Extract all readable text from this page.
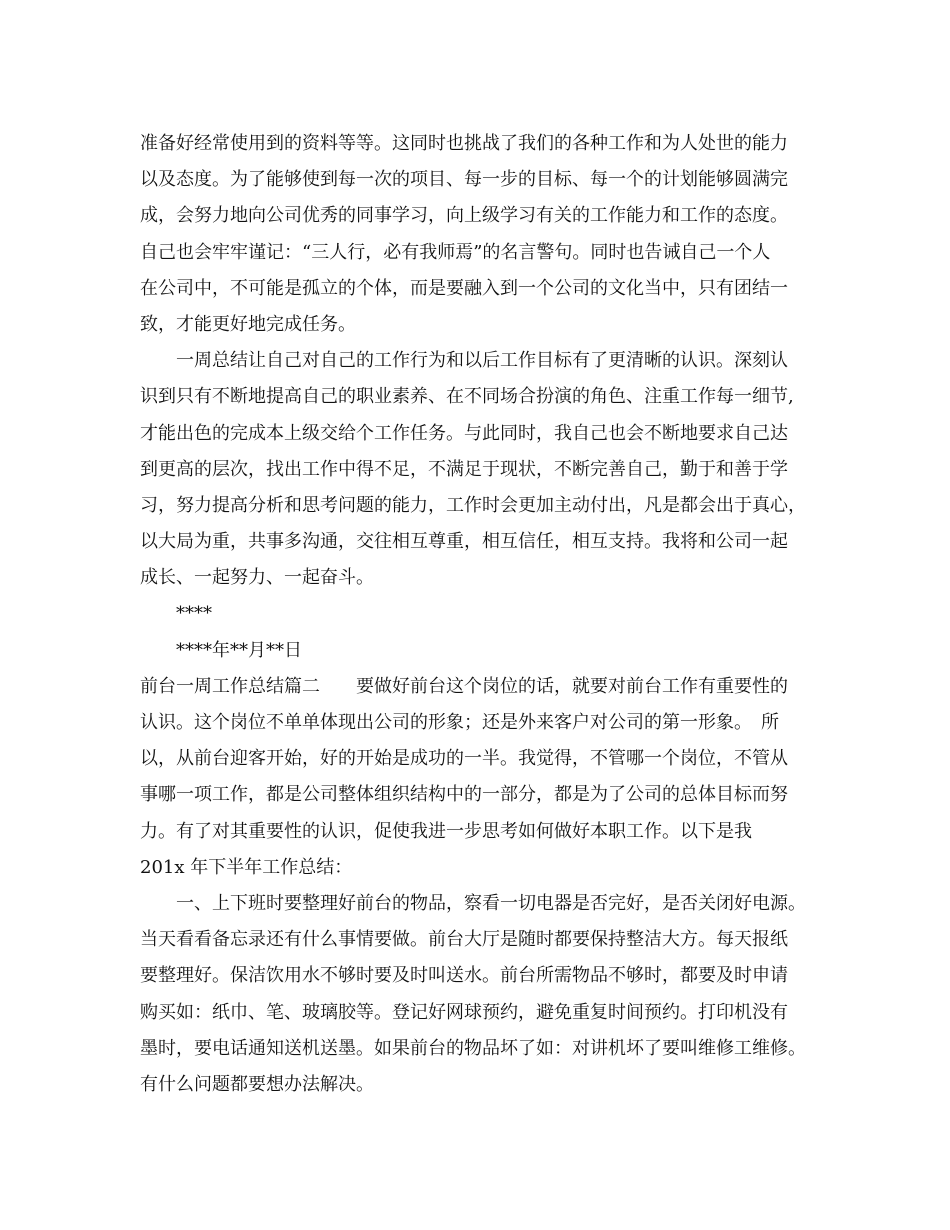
准备好经常使用到的资料等等。这同时也挑战了我们的各种工作和为人处世的能力
以及态度。为了能够使到每一次的项目、每一步的目标、每一个的计划能够圆满完
成，会努力地向公司优秀的同事学习，向上级学习有关的工作能力和工作的态度。
自己也会牢牢谨记：“三人行，必有我师焉”的名言警句。同时也告诫自己一个人
在公司中，不可能是孤立的个体，而是要融入到一个公司的文化当中，只有团结一
致，才能更好地完成任务。
一周总结让自己对自己的工作行为和以后工作目标有了更清晰的认识。深刻认
识到只有不断地提高自己的职业素养、在不同场合扮演的角色、注重工作每一细节,
才能出色的完成本上级交给个工作任务。与此同时，我自己也会不断地要求自己达
到更高的层次，找出工作中得不足，不满足于现状，不断完善自己，勤于和善于学
习，努力提高分析和思考问题的能力，工作时会更加主动付出，凡是都会出于真心，
以大局为重，共事多沟通，交往相互尊重，相互信任，相互支持。我将和公司一起
成长、一起努力、一起奋斗。
****
****年**月**日
前台一周工作总结篇二　　要做好前台这个岗位的话，就要对前台工作有重要性的
认识。这个岗位不单单体现出公司的形象；还是外来客户对公司的第一形象。　所
以，从前台迎客开始，好的开始是成功的一半。我觉得，不管哪一个岗位，不管从
事哪一项工作，都是公司整体组织结构中的一部分，都是为了公司的总体目标而努
力。有了对其重要性的认识，促使我进一步思考如何做好本职工作。以下是我
201x 年下半年工作总结：
一、上下班时要整理好前台的物品，察看一切电器是否完好，是否关闭好电源。
当天看看备忘录还有什么事情要做。前台大厅是随时都要保持整洁大方。每天报纸
要整理好。保洁饮用水不够时要及时叫送水。前台所需物品不够时，都要及时申请
购买如：纸巾、笔、玻璃胶等。登记好网球预约，避免重复时间预约。打印机没有
墨时，要电话通知送机送墨。如果前台的物品坏了如：对讲机坏了要叫维修工维修。
有什么问题都要想办法解决。
